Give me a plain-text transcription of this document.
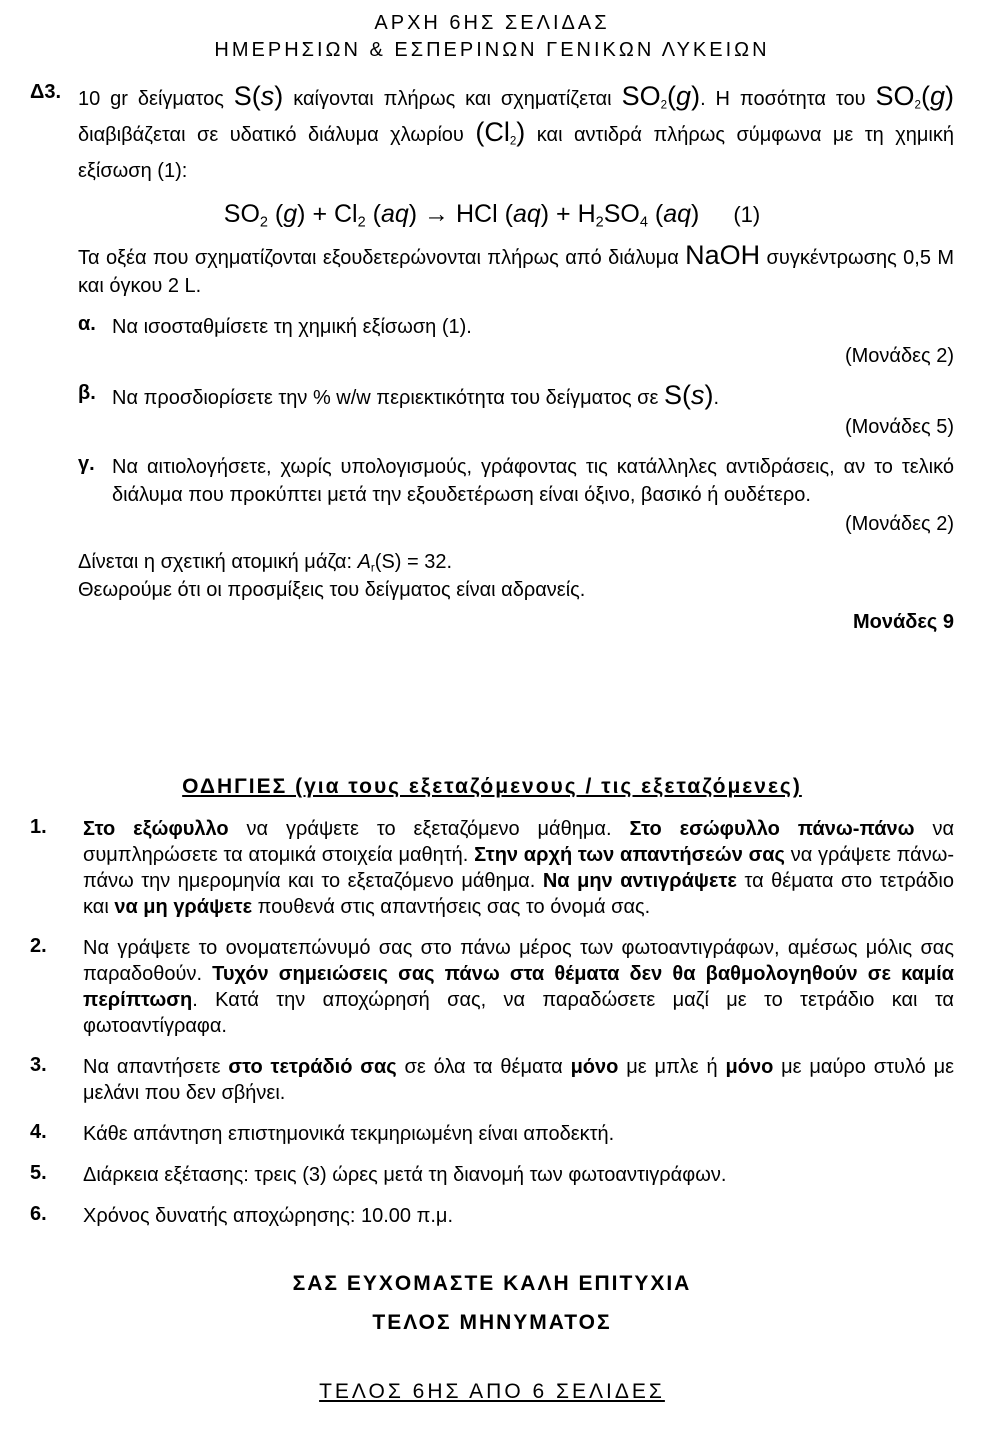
ΑΡΧΗ 6ΗΣ ΣΕΛΙΔΑΣ
ΗΜΕΡΗΣΙΩΝ & ΕΣΠΕΡΙΝΩΝ ΓΕΝΙΚΩΝ ΛΥΚΕΙΩΝ
Δ3. 10 gr δείγματος S(s) καίγονται πλήρως και σχηματίζεται $SO_2(g)$. Η ποσότητα του $SO_2(g)$ διαβιβάζεται σε υδατικό διάλυμα χλωρίου $(Cl_2)$ και αντιδρά πλήρως σύμφωνα με τη χημική εξίσωση (1):
$SO_2$ $(g) + Cl_2$ (aq) → HCl $(aq) + H_2SO_4$ (aq) (1)
Τα οξέα που σχηματίζονται εξουδετερώνονται πλήρως από διάλυμα NaOH συγκέντρωσης 0,5 M και όγκου 2 L.
α. Να ισοσταθμίσετε τη χημική εξίσωση (1).
(Μονάδες 2)
β. Να προσδιορίσετε την % w/w περιεκτικότητα του δείγματος σε S(s).
(Μονάδες 5)
γ. Να αιτιολογήσετε, χωρίς υπολογισμούς, γράφοντας τις κατάλληλες αντιδράσεις, αν το τελικό διάλυμα που προκύπτει μετά την εξουδετέρωση είναι όξινο, βασικό ή ουδέτερο.
(Μονάδες 2)
Δίνεται η σχετική ατομική μάζα: $A_r(S) = 32$.
Θεωρούμε ότι οι προσμίξεις του δείγματος είναι αδρανείς.
Μονάδες 9
ΟΔΗΓΙΕΣ (για τους εξεταζόμενους / τις εξεταζόμενες)
1.	Στο εξώφυλλο να γράψετε το εξεταζόμενο μάθημα. Στο εσώφυλλο πάνω-πάνω να συμπληρώσετε τα ατομικά στοιχεία μαθητή. Στην αρχή των απαντήσεών σας να γράψετε πάνω-πάνω την ημερομηνία και το εξεταζόμενο μάθημα. Να μην αντιγράψετε τα θέματα στο τετράδιο και να μη γράψετε πουθενά στις απαντήσεις σας το όνομά σας.
2.	Να γράψετε το ονοματεπώνυμό σας στο πάνω μέρος των φωτοαντιγράφων, αμέσως μόλις σας παραδοθούν. Τυχόν σημειώσεις σας πάνω στα θέματα δεν θα βαθμολογηθούν σε καμία περίπτωση. Κατά την αποχώρησή σας, να παραδώσετε μαζί με το τετράδιο και τα φωτοαντίγραφα.
3.	Να απαντήσετε στο τετράδιό σας σε όλα τα θέματα μόνο με μπλε ή μόνο με μαύρο στυλό με μελάνι που δεν σβήνει.
4.	Κάθε απάντηση επιστημονικά τεκμηριωμένη είναι αποδεκτή.
5.	Διάρκεια εξέτασης: τρεις (3) ώρες μετά τη διανομή των φωτοαντιγράφων.
6.	Χρόνος δυνατής αποχώρησης: 10.00 π.μ.
ΣΑΣ ΕΥΧΟΜΑΣΤΕ ΚΑΛΗ ΕΠΙΤΥΧΙΑ
ΤΕΛΟΣ ΜΗΝΥΜΑΤΟΣ
ΤΕΛΟΣ 6ΗΣ ΑΠΟ 6 ΣΕΛΙΔΕΣ
